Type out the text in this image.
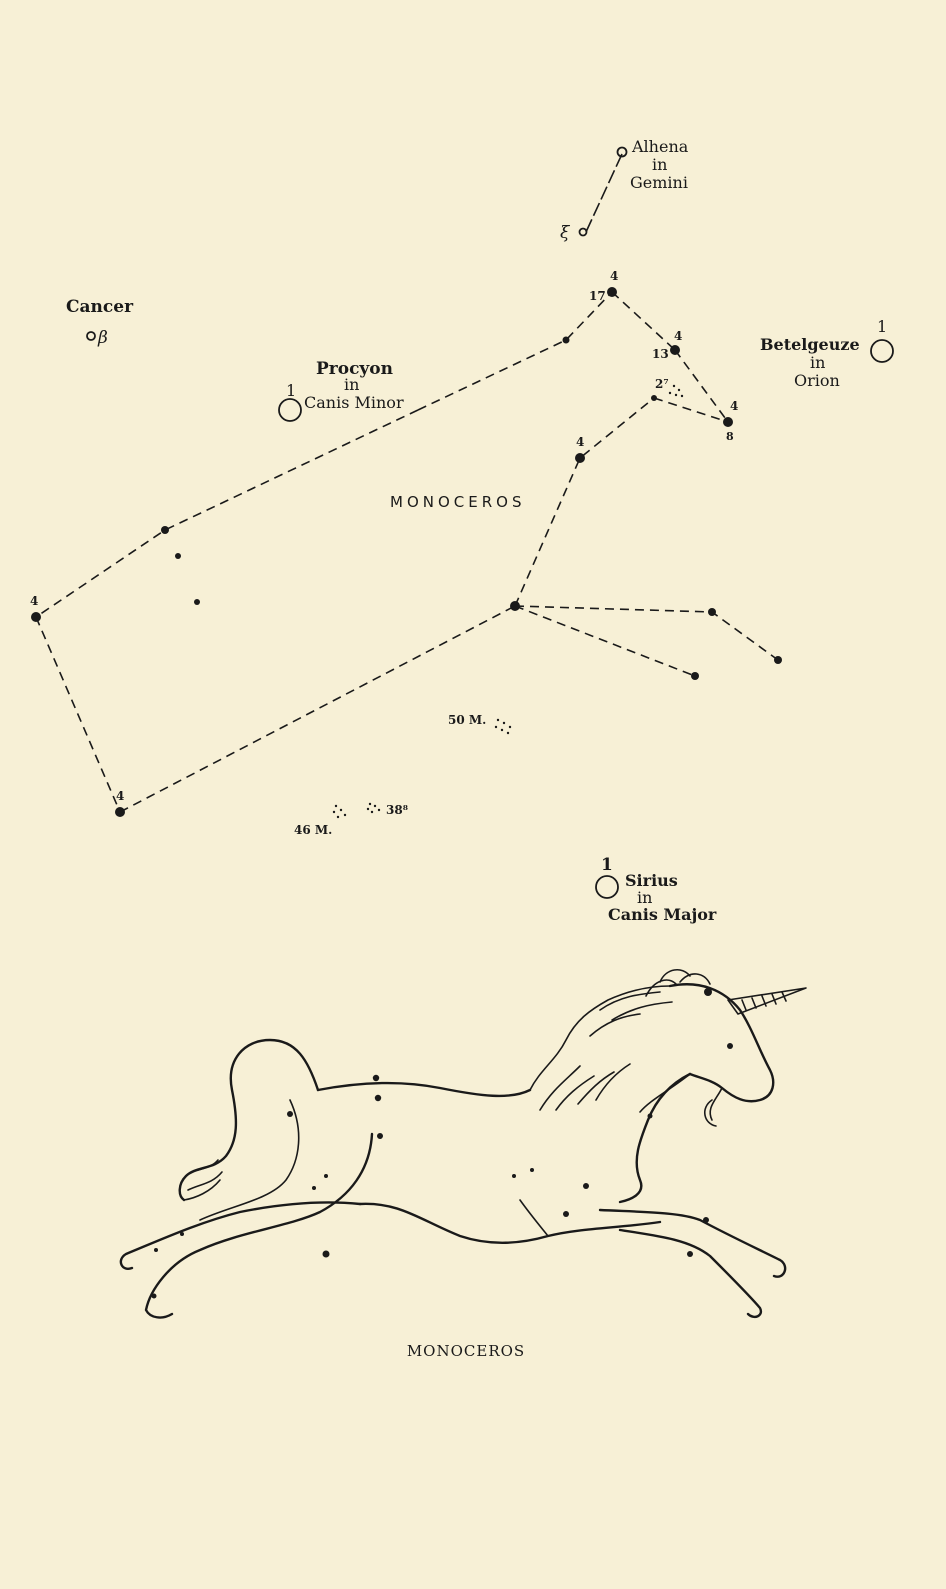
Alhena
in
Gemini
ξ
Cancer
β
Procyon
in
Canis Minor
1
Betelgeuze
in
Orion
1
MONOCEROS
Sirius
in
Canis Major
1
4
17
4
13
2⁷
4
8
4
4
4
50 M.
46 M.
38⁸
MONOCEROS
